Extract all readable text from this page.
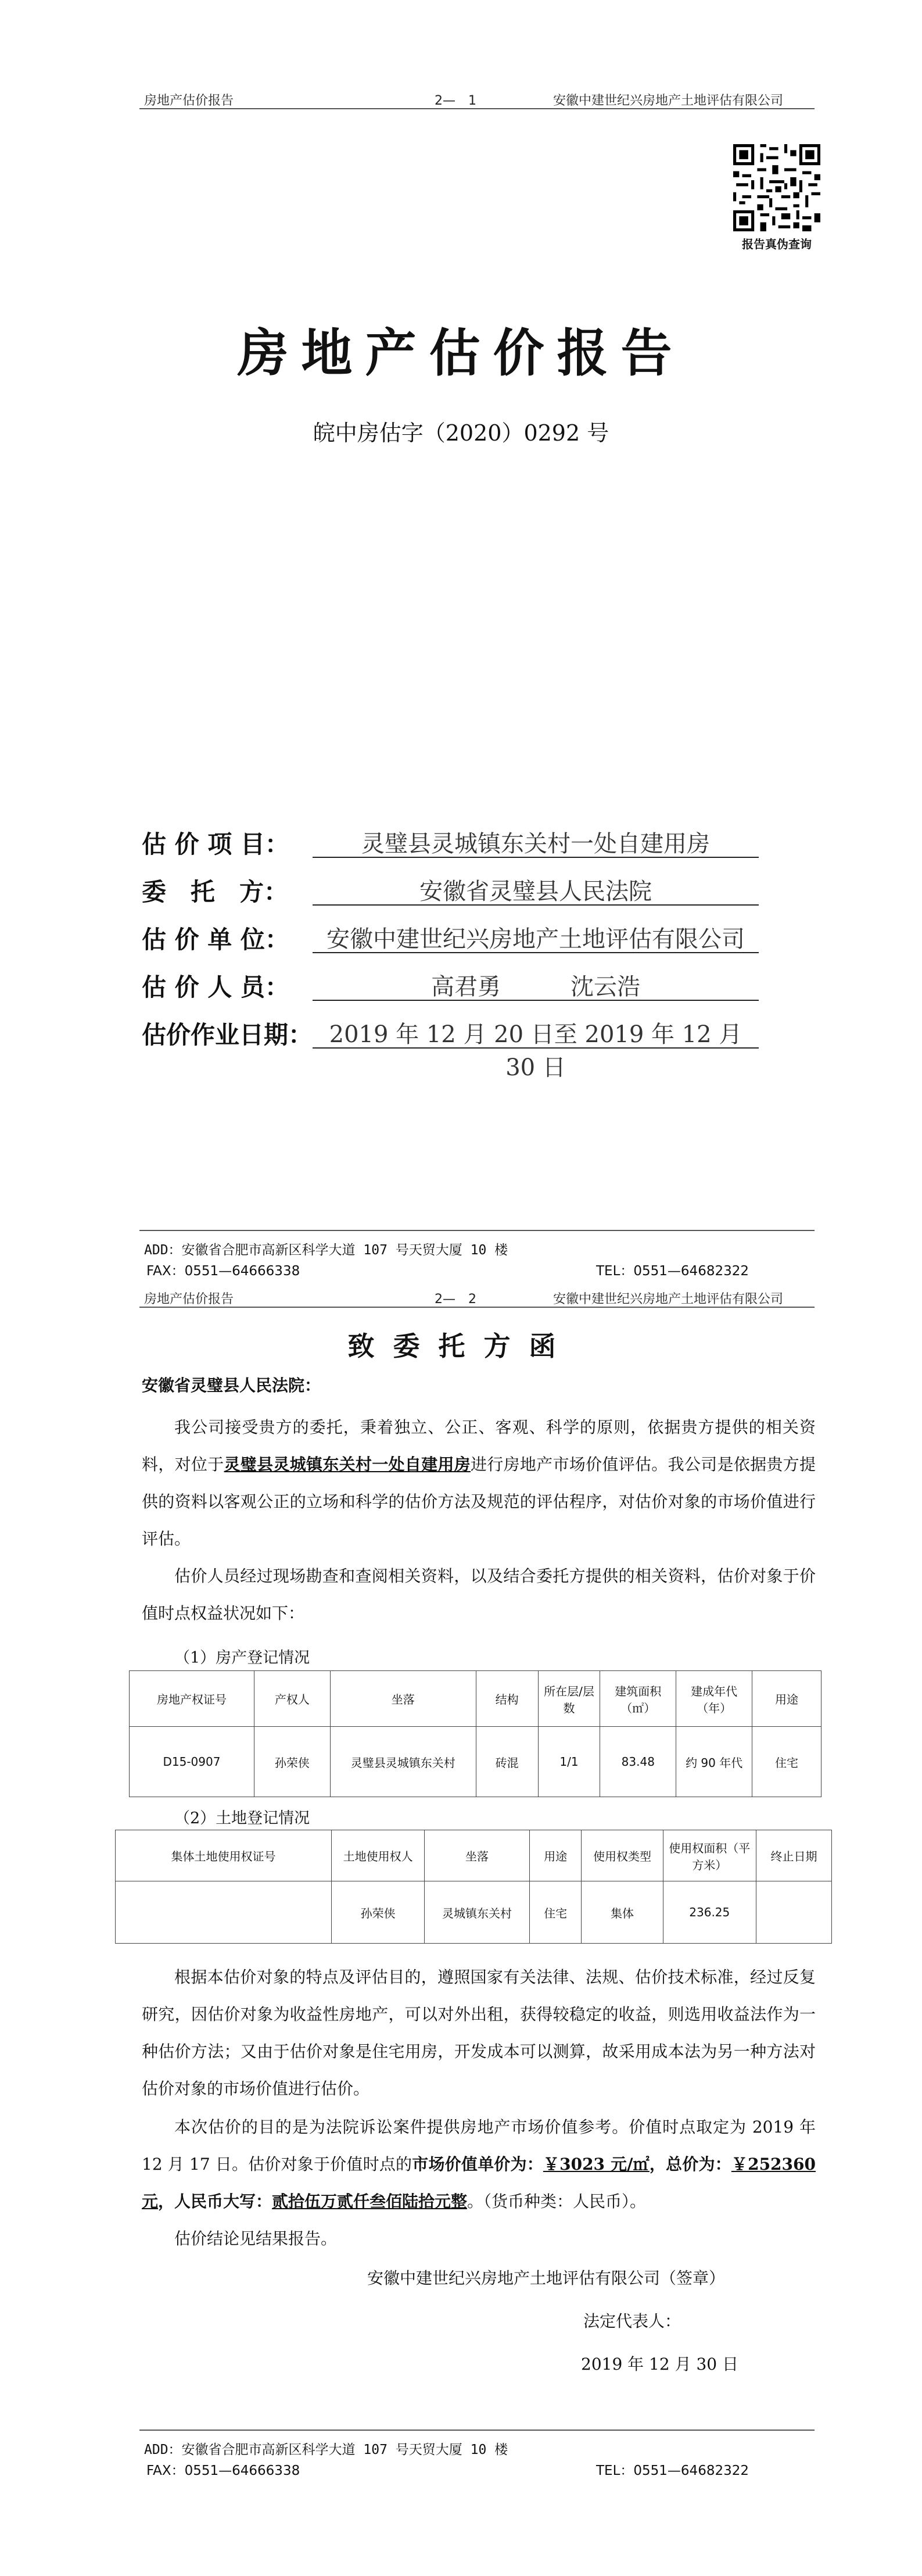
房地产估价报告	2—　1	安徽中建世纪兴房地产土地评估有限公司
报告真伪查询
房地产估价报告
皖中房估字（2020）0292 号
估 价 项 目：	灵璧县灵城镇东关村一处自建用房
委　托　方：	安徽省灵璧县人民法院
估 价 单 位：	安徽中建世纪兴房地产土地评估有限公司
估 价 人 员：	高君勇　　　沈云浩
估价作业日期： 2019 年 12 月 20 日至 2019 年 12 月 30 日
ADD：安徽省合肥市高新区科学大道 107 号天贸大厦 10 楼
FAX：0551—64666338	TEL：0551—64682322
房地产估价报告	2—　2	安徽中建世纪兴房地产土地评估有限公司
致委托方函
安徽省灵璧县人民法院：
我公司接受贵方的委托，秉着独立、公正、客观、科学的原则，依据贵方提供的相关资料，对位于灵璧县灵城镇东关村一处自建用房进行房地产市场价值评估。我公司是依据贵方提供的资料以客观公正的立场和科学的估价方法及规范的评估程序，对估价对象的市场价值进行评估。
估价人员经过现场勘查和查阅相关资料，以及结合委托方提供的相关资料，估价对象于价值时点权益状况如下：
（1）房产登记情况
房地产权证号	产权人	坐落	结构	所在层/层数	建筑面积（㎡）	建成年代（年）	用途
D15-0907	孙荣侠	灵璧县灵城镇东关村	砖混	1/1	83.48	约 90 年代	住宅
（2）土地登记情况
集体土地使用权证号	土地使用权人	坐落	用途	使用权类型	使用权面积（平方米）	终止日期
	孙荣侠	灵城镇东关村	住宅	集体	236.25	
根据本估价对象的特点及评估目的，遵照国家有关法律、法规、估价技术标准，经过反复研究，因估价对象为收益性房地产，可以对外出租，获得较稳定的收益，则选用收益法作为一种估价方法；又由于估价对象是住宅用房，开发成本可以测算，故采用成本法为另一种方法对估价对象的市场价值进行估价。
本次估价的目的是为法院诉讼案件提供房地产市场价值参考。价值时点取定为 2019 年 12 月 17 日。估价对象于价值时点的市场价值单价为：￥3023 元/㎡，总价为：￥252360 元，人民币大写：贰拾伍万贰仟叁佰陆拾元整。（货币种类：人民币）。
估价结论见结果报告。
安徽中建世纪兴房地产土地评估有限公司（签章）
法定代表人：
2019 年 12 月 30 日
ADD：安徽省合肥市高新区科学大道 107 号天贸大厦 10 楼
FAX：0551—64666338	TEL：0551—64682322
